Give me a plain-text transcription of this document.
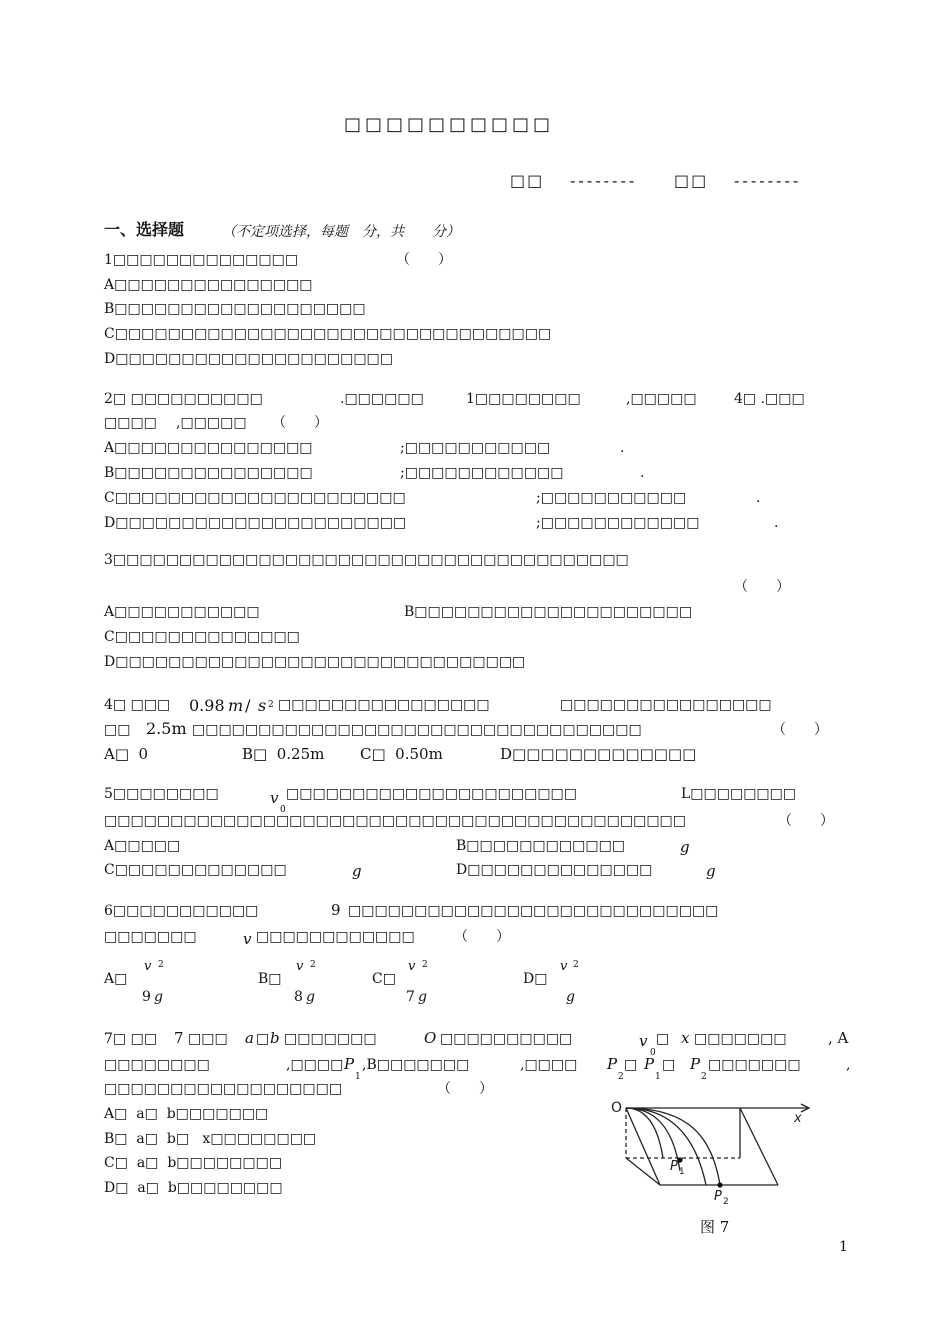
□□□□□□□□□□
□□ -------- □□ --------
一、选择题	（不定项选择，每题　分，共　　分）
1□□□□□□□□□□□□□□	（　　）
A□□□□□□□□□□□□□□□
B□□□□□□□□□□□□□□□□□□□
C□□□□□□□□□□□□□□□□□□□□□□□□□□□□□□□□□
D□□□□□□□□□□□□□□□□□□□□□
2□ □□□□□□□□□□	.□□□□□□	1□□□□□□□□	,□□□□□	4□ .□□□
□□□□ ,□□□□□ （　　）
A□□□□□□□□□□□□□□□	;□□□□□□□□□□□	.
B□□□□□□□□□□□□□□□	;□□□□□□□□□□□□	.
C□□□□□□□□□□□□□□□□□□□□□□	;□□□□□□□□□□□	.
D□□□□□□□□□□□□□□□□□□□□□□	;□□□□□□□□□□□□	.
3□□□□□□□□□□□□□□□□□□□□□□□□□□□□□□□□□□□□□□□
（　　）
A□□□□□□□□□□□	B□□□□□□□□□□□□□□□□□□□□□
C□□□□□□□□□□□□□□
D□□□□□□□□□□□□□□□□□□□□□□□□□□□□□□□
4□ □□□ 0.98 m
/ s 2 □□□□□□□□□□□□□□□□	□□□□□□□□□□□□□□□□
□□ 2.5m □□□□□□□□□□□□□□□□□□□□□□□□□□□□□□□□□□	（　　）
A□  0	B□  0.25m C□  0.50m	D□□□□□□□□□□□□□
5□□□□□□□□	v
0
□□□□□□□□□□□□□□□□□□□□□□	L□□□□□□□□
□□□□□□□□□□□□□□□□□□□□□□□□□□□□□□□□□□□□□□□□□□□□	（　　）
A□□□□□	B□□□□□□□□□□□□	g
C□□□□□□□□□□□□□	g	D□□□□□□□□□□□□□□	g
6□□□□□□□□□□□	9 □□□□□□□□□□□□□□□□□□□□□□□□□□□□
□□□□□□□	v □□□□□□□□□□□□	（　　）
A□
v 2
9 g
B□
v 2
8 g
C□
v 2
7 g
D□
v 2
g
7□ □□ 7 □□□ a □ b □□□□□□□	O □□□□□□□□□□	v
0
□ x □□□□□□□	, A
□□□□□□□□	,□□□□ P
1
,B□□□□□□□	,□□□□ P
2
□ P
1
□ P
2
□□□□□□□	,
□□□□□□□□□□□□□□□□□□	（　　）
A□  a□  b□□□□□□□
B□  a□  b□   x□□□□□□□□
C□  a□  b□□□□□□□□
D□  a□  b□□□□□□□□
O
x
P 1
P 2
图 7
1
